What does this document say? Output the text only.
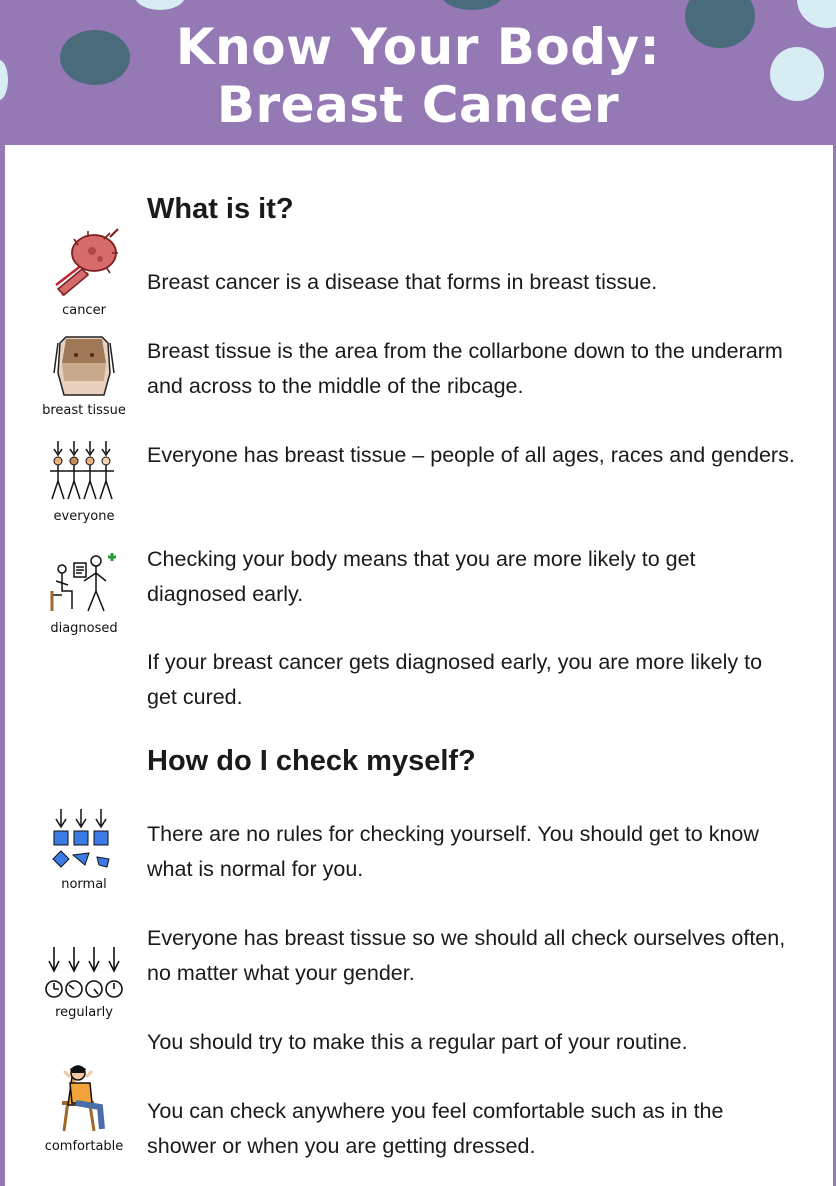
Know Your Body:
Breast Cancer
What is it?
cancer

Breast cancer is a disease that forms in breast tissue.

breast tissue

Breast tissue is the area from the collarbone down to the underarm and across to the middle of the ribcage.

everyone

Everyone has breast tissue – people of all ages, races and genders.

diagnosed

Checking your body means that you are more likely to get diagnosed early.

If your breast cancer gets diagnosed early, you are more likely to get cured.

How do I check myself?
normal

There are no rules for checking yourself. You should get to know what is normal for you.

regularly

Everyone has breast tissue so we should all check ourselves often, no matter what your gender.

You should try to make this a regular part of your routine.

comfortable

You can check anywhere you feel comfortable such as in the shower or when you are getting dressed.
